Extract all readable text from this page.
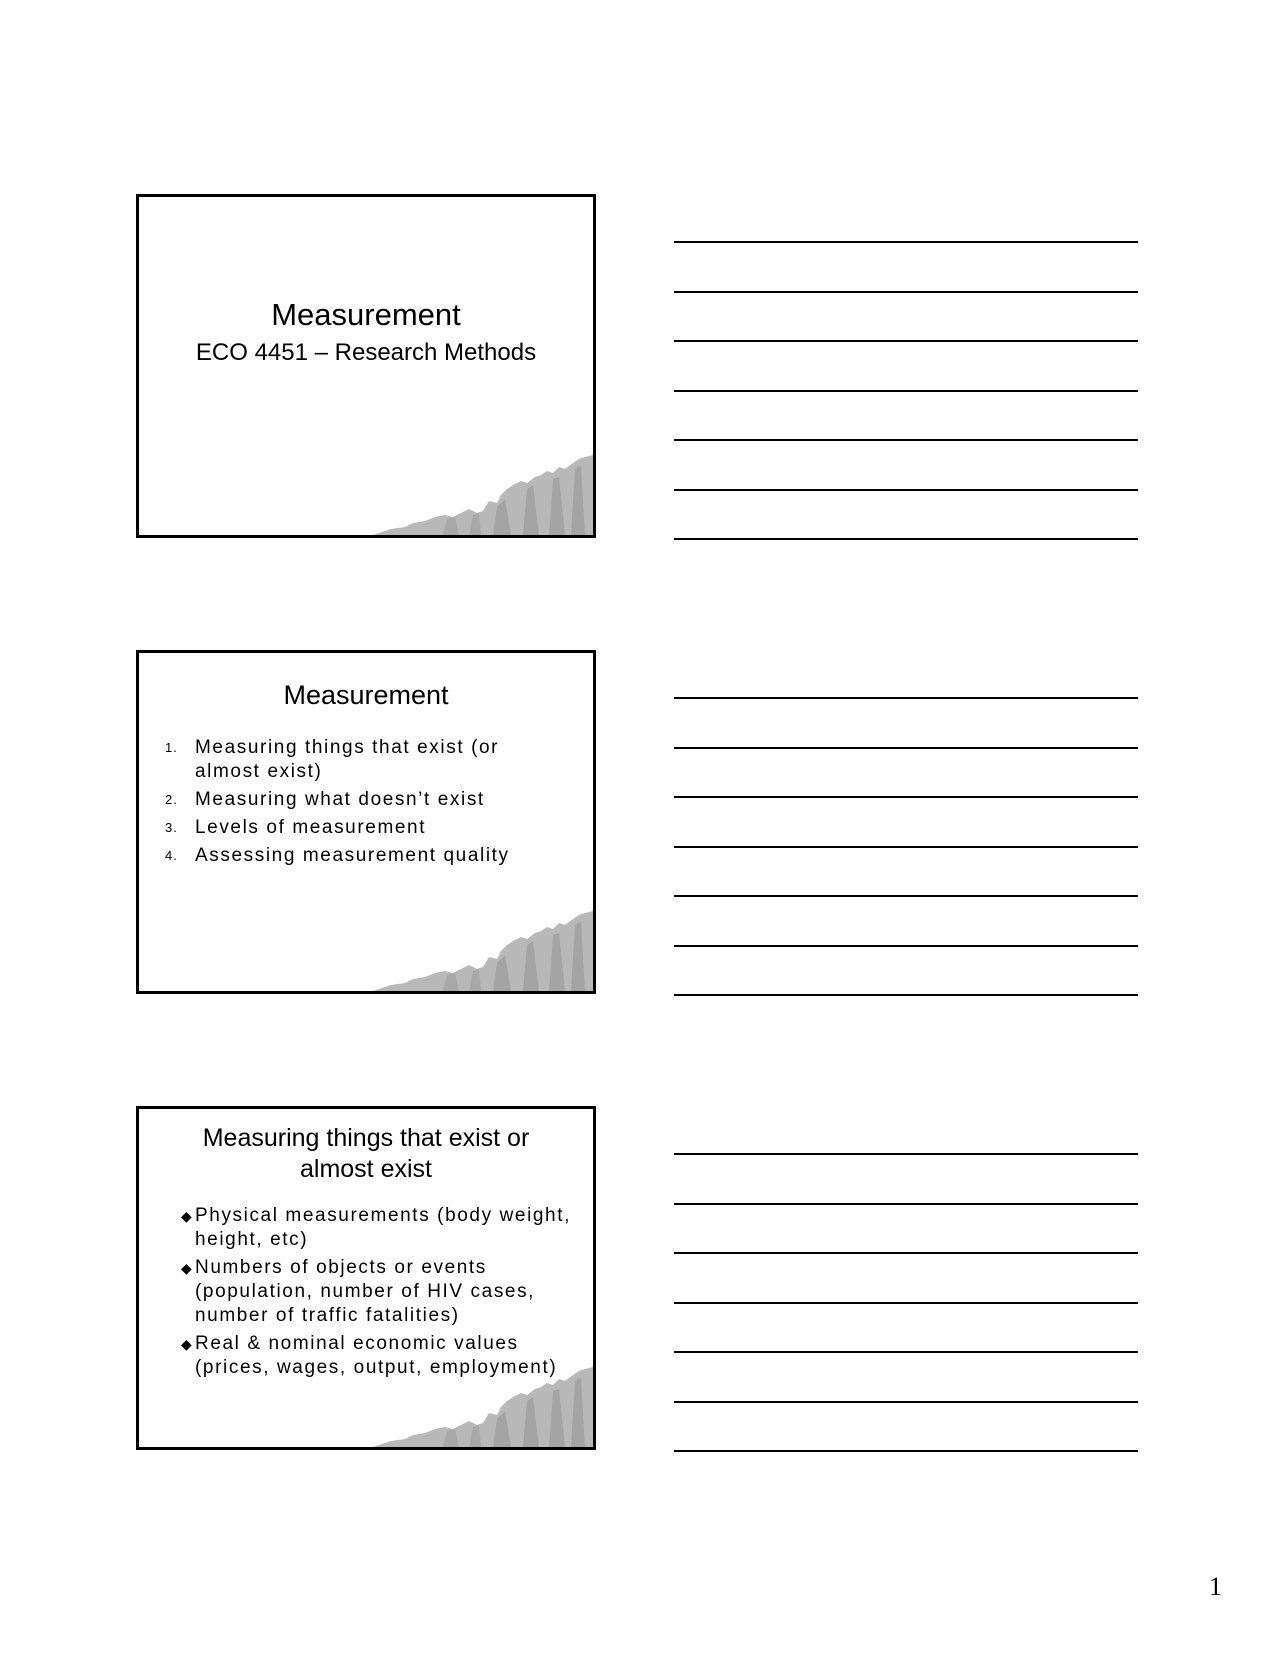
Measurement
ECO 4451 – Research Methods
Measurement
1. Measuring things that exist (or almost exist)
2. Measuring what doesn’t exist
3. Levels of measurement
4. Assessing measurement quality
Measuring things that exist or
almost exist
◆ Physical measurements (body weight, height, etc)
◆ Numbers of objects or events (population, number of HIV cases, number of traffic fatalities)
◆ Real & nominal economic values (prices, wages, output, employment)
1
